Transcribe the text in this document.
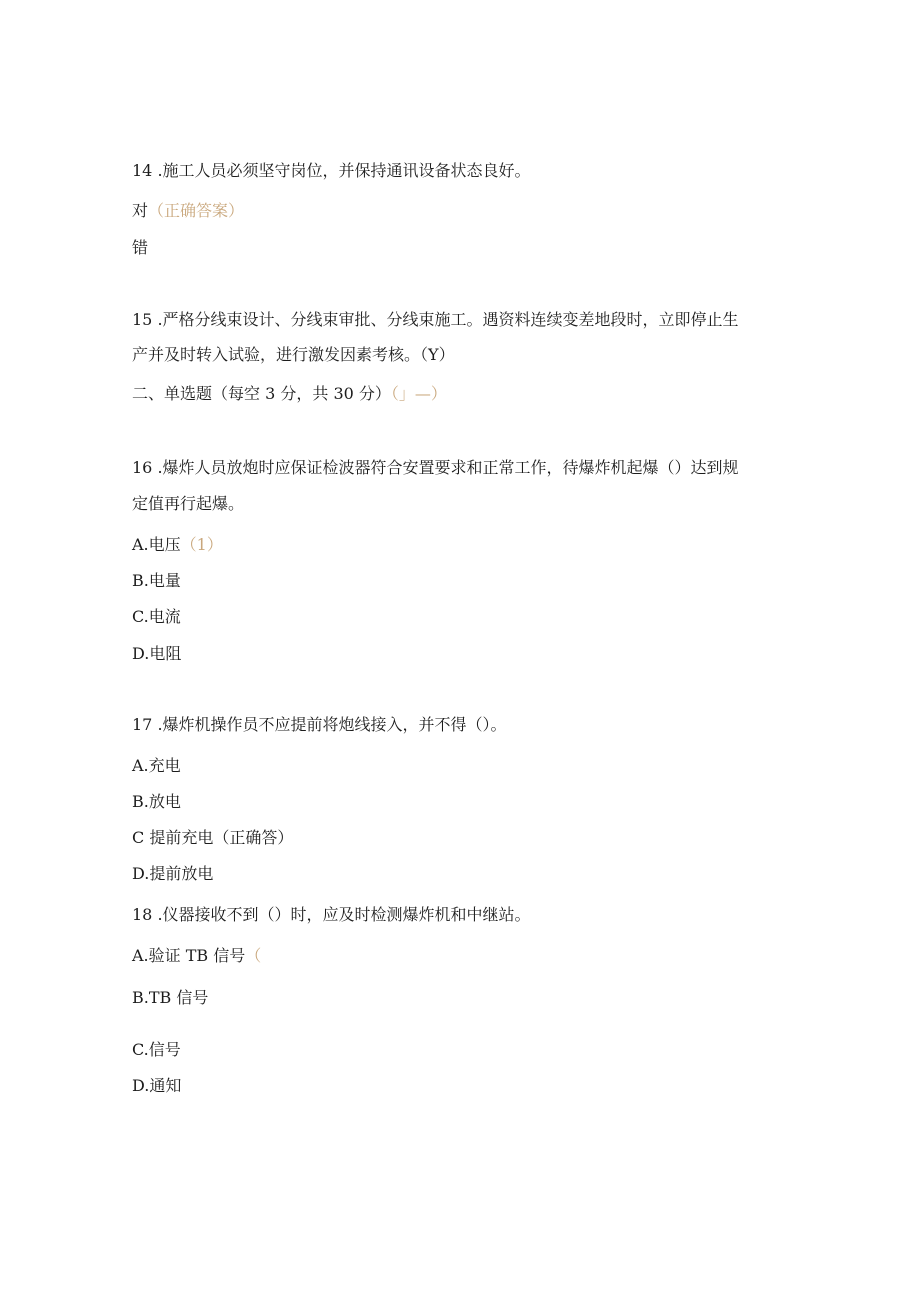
14 .施工人员必须坚守岗位，并保持通讯设备状态良好。
对（正确答案）
错
15 .严格分线束设计、分线束审批、分线束施工。遇资料连续变差地段时，立即停止生
产并及时转入试验，进行激发因素考核。（Y）
二、单选题（每空 3 分，共 30 分）（」—）
16 .爆炸人员放炮时应保证检波器符合安置要求和正常工作，待爆炸机起爆（）达到规
定值再行起爆。
A.电压（1）
B.电量
C.电流
D.电阻
17 .爆炸机操作员不应提前将炮线接入，并不得（）。
A.充电
B.放电
C 提前充电（正确答）
D.提前放电
18 .仪器接收不到（）时，应及时检测爆炸机和中继站。
A.验证 TB 信号（
B.TB 信号
C.信号
D.通知
